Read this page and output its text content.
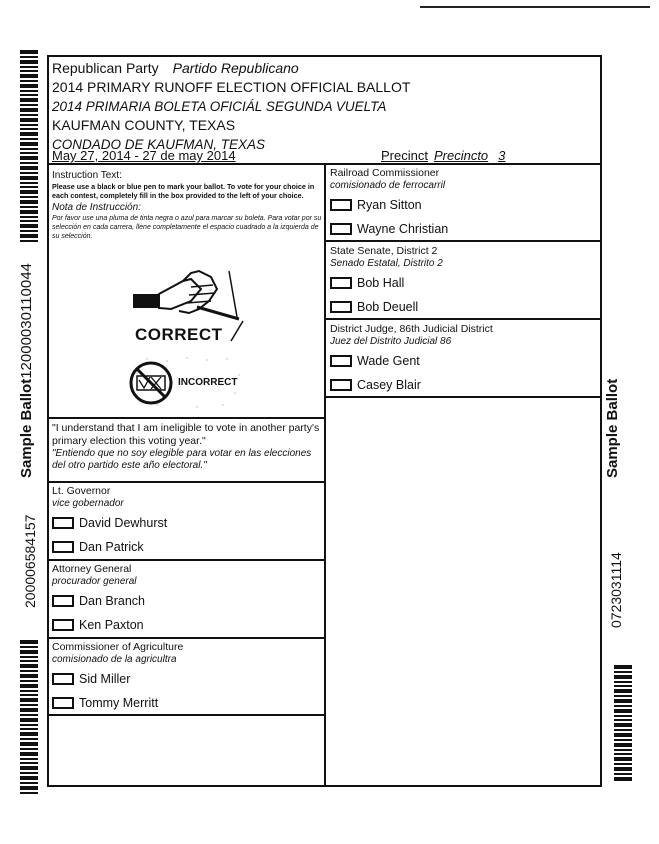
Sample Ballot12000030110044
200006584157
Sample Ballot
0723031114
Republican Party Partido Republicano
2014 PRIMARY RUNOFF ELECTION OFFICIAL BALLOT
2014 PRIMARIA BOLETA OFICIÁL SEGUNDA VUELTA
KAUFMAN COUNTY, TEXAS
CONDADO DE KAUFMAN, TEXAS
May 27, 2014 - 27 de may 2014	Precinct Precincto 3
Instruction Text:
Please use a black or blue pen to mark your ballot. To vote for your choice in each contest, completely fill in the box provided to the left of your choice.
Nota de Instrucción:
Por favor use una pluma de tinta negra o azul para marcar su boleta. Para votar por su selección en cada carrera, llene completamente el espacio cuadrado a la izquierda de su selección.
CORRECT
INCORRECT
"I understand that I am ineligible to vote in another party's primary election this voting year."
"Entiendo que no soy elegible para votar en las elecciones del otro partido este año electoral."
Lt. Governor
vice gobernador
David Dewhurst
Dan Patrick
Attorney General
procurador general
Dan Branch
Ken Paxton
Commissioner of Agriculture
comisionado de la agricultra
Sid Miller
Tommy Merritt
Railroad Commissioner
comisionado de ferrocarril
Ryan Sitton
Wayne Christian
State Senate, District 2
Senado Estatal, Distrito 2
Bob Hall
Bob Deuell
District Judge, 86th Judicial District
Juez del Distrito Judicial 86
Wade Gent
Casey Blair
